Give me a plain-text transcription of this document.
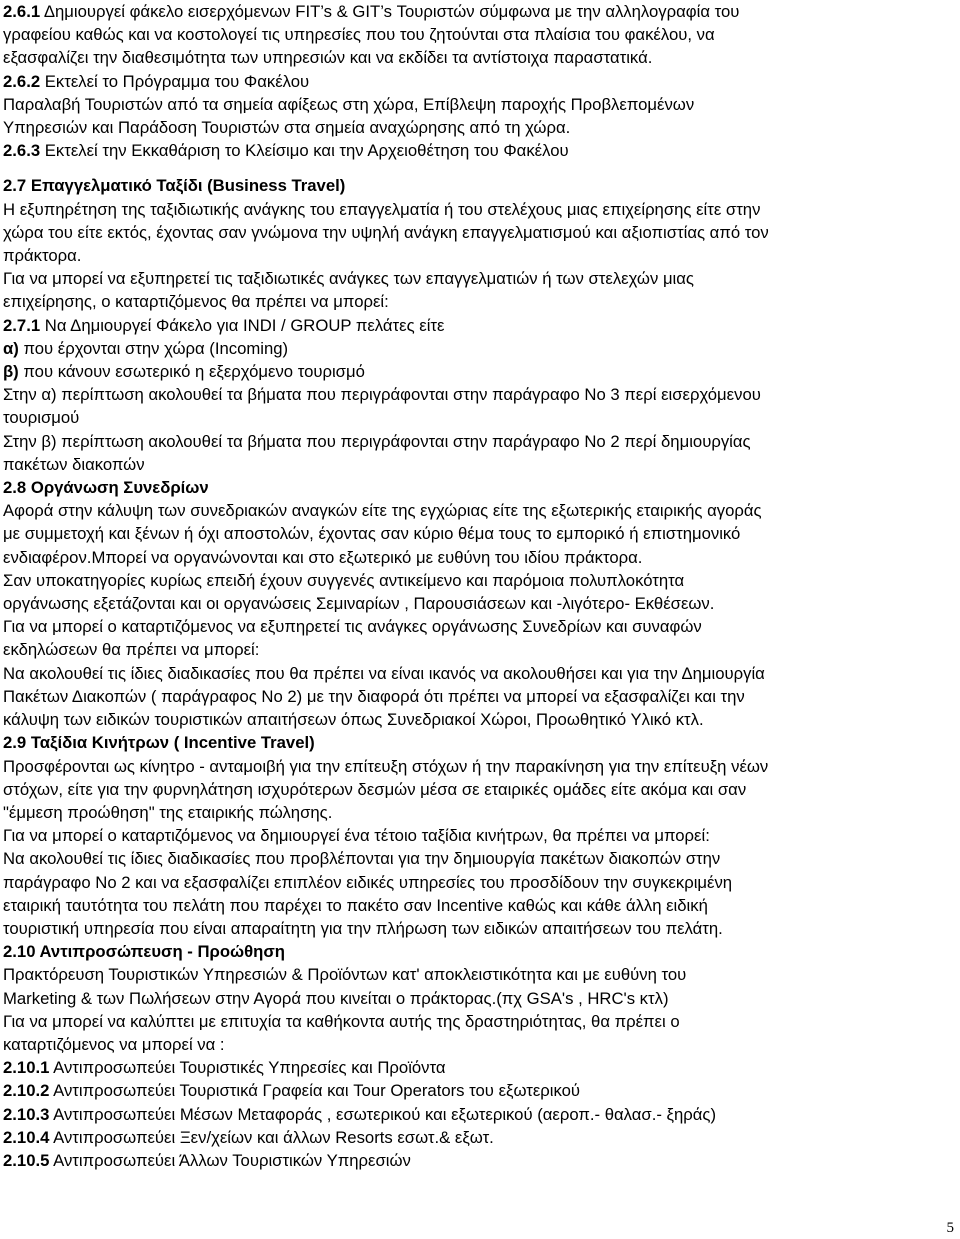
2.6.1 Δημιουργεί φάκελο εισερχόμενων FIT’s & GIT’s Τουριστών σύμφωνα με την αλληλογραφία του
γραφείου καθώς και να κοστολογεί τις υπηρεσίες που του ζητούνται στα πλαίσια του φακέλου, να
εξασφαλίζει την διαθεσιμότητα των υπηρεσιών και να εκδίδει τα αντίστοιχα παραστατικά.
2.6.2 Εκτελεί το Πρόγραμμα του Φακέλου
Παραλαβή Τουριστών από τα σημεία αφίξεως στη χώρα, Επίβλεψη παροχής Προβλεπομένων
Υπηρεσιών και Παράδοση Τουριστών στα σημεία αναχώρησης από τη χώρα.
2.6.3 Εκτελεί την Εκκαθάριση το Κλείσιμο και την Αρχειοθέτηση του Φακέλου
2.7 Επαγγελματικό Ταξίδι (Business Travel)
Η εξυπηρέτηση της ταξιδιωτικής ανάγκης του επαγγελματία ή του στελέχους μιας επιχείρησης είτε στην
χώρα του είτε εκτός, έχοντας σαν γνώμονα την υψηλή ανάγκη επαγγελματισμού και αξιοπιστίας από τον
πράκτορα.
Για να μπορεί να εξυπηρετεί τις ταξιδιωτικές ανάγκες των επαγγελματιών ή των στελεχών μιας
επιχείρησης, ο καταρτιζόμενος θα πρέπει να μπορεί:
2.7.1 Να Δημιουργεί Φάκελο για INDI / GROUP πελάτες είτε
α) που έρχονται στην χώρα (Incoming)
β) που κάνουν εσωτερικό η εξερχόμενο τουρισμό
Στην α) περίπτωση ακολουθεί τα βήματα που περιγράφονται στην παράγραφο Νο 3 περί εισερχόμενου
τουρισμού
Στην β) περίπτωση ακολουθεί τα βήματα που περιγράφονται στην παράγραφο Νο 2 περί δημιουργίας
πακέτων διακοπών
2.8 Οργάνωση Συνεδρίων
Αφορά στην κάλυψη των συνεδριακών αναγκών είτε της εγχώριας είτε της εξωτερικής εταιρικής αγοράς
με συμμετοχή και ξένων ή όχι αποστολών, έχοντας σαν κύριο θέμα τους το εμπορικό ή επιστημονικό
ενδιαφέρον.Μπορεί να οργανώνονται και στο εξωτερικό με ευθύνη του ιδίου πράκτορα.
Σαν υποκατηγορίες κυρίως επειδή έχουν συγγενές αντικείμενο και παρόμοια πολυπλοκότητα
οργάνωσης εξετάζονται και οι οργανώσεις Σεμιναρίων , Παρουσιάσεων και -λιγότερο- Εκθέσεων.
Για να μπορεί ο καταρτιζόμενος να εξυπηρετεί τις ανάγκες οργάνωσης Συνεδρίων και συναφών
εκδηλώσεων θα πρέπει να μπορεί:
Να ακολουθεί τις ίδιες διαδικασίες που θα πρέπει να είναι ικανός να ακολουθήσει και για την Δημιουργία
Πακέτων Διακοπών ( παράγραφος Νο 2) με την διαφορά ότι πρέπει να μπορεί να εξασφαλίζει και την
κάλυψη των ειδικών τουριστικών απαιτήσεων όπως Συνεδριακοί Χώροι, Προωθητικό Υλικό κτλ.
2.9 Ταξίδια Κινήτρων ( Incentive Travel)
Προσφέρονται ως κίνητρο - ανταμοιβή για την επίτευξη στόχων ή την παρακίνηση για την επίτευξη νέων
στόχων, είτε για την φυρνηλάτηση ισχυρότερων δεσμών μέσα σε εταιρικές ομάδες είτε ακόμα και σαν
"έμμεση προώθηση" της εταιρικής πώλησης.
Για να μπορεί ο καταρτιζόμενος να δημιουργεί ένα τέτοιο ταξίδια κινήτρων, θα πρέπει να μπορεί:
Να ακολουθεί τις ίδιες διαδικασίες που προβλέπονται για την δημιουργία πακέτων διακοπών στην
παράγραφο Νο 2 και να εξασφαλίζει επιπλέον ειδικές υπηρεσίες του προσδίδουν την συγκεκριμένη
εταιρική ταυτότητα του πελάτη που παρέχει το πακέτο σαν Incentive καθώς και κάθε άλλη ειδική
τουριστική υπηρεσία που είναι απαραίτητη για την πλήρωση των ειδικών απαιτήσεων του πελάτη.
2.10 Αντιπροσώπευση - Προώθηση
Πρακτόρευση Τουριστικών Υπηρεσιών & Προϊόντων κατ' αποκλειστικότητα και με ευθύνη του
Marketing & των Πωλήσεων στην Αγορά που κινείται ο πράκτορας.(πχ GSA's , HRC's κτλ)
Για να μπορεί να καλύπτει με επιτυχία τα καθήκοντα αυτής της δραστηριότητας, θα πρέπει ο
καταρτιζόμενος να μπορεί να :
2.10.1 Αντιπροσωπεύει Τουριστικές Υπηρεσίες και Προϊόντα
2.10.2 Αντιπροσωπεύει Τουριστικά Γραφεία και Tour Operators του εξωτερικού
2.10.3 Αντιπροσωπεύει Μέσων Μεταφοράς , εσωτερικού και εξωτερικού (αεροπ.- θαλασ.- ξηράς)
2.10.4 Αντιπροσωπεύει Ξεν/χείων και άλλων Resorts εσωτ.& εξωτ.
2.10.5 Αντιπροσωπεύει Άλλων Τουριστικών Υπηρεσιών
5
